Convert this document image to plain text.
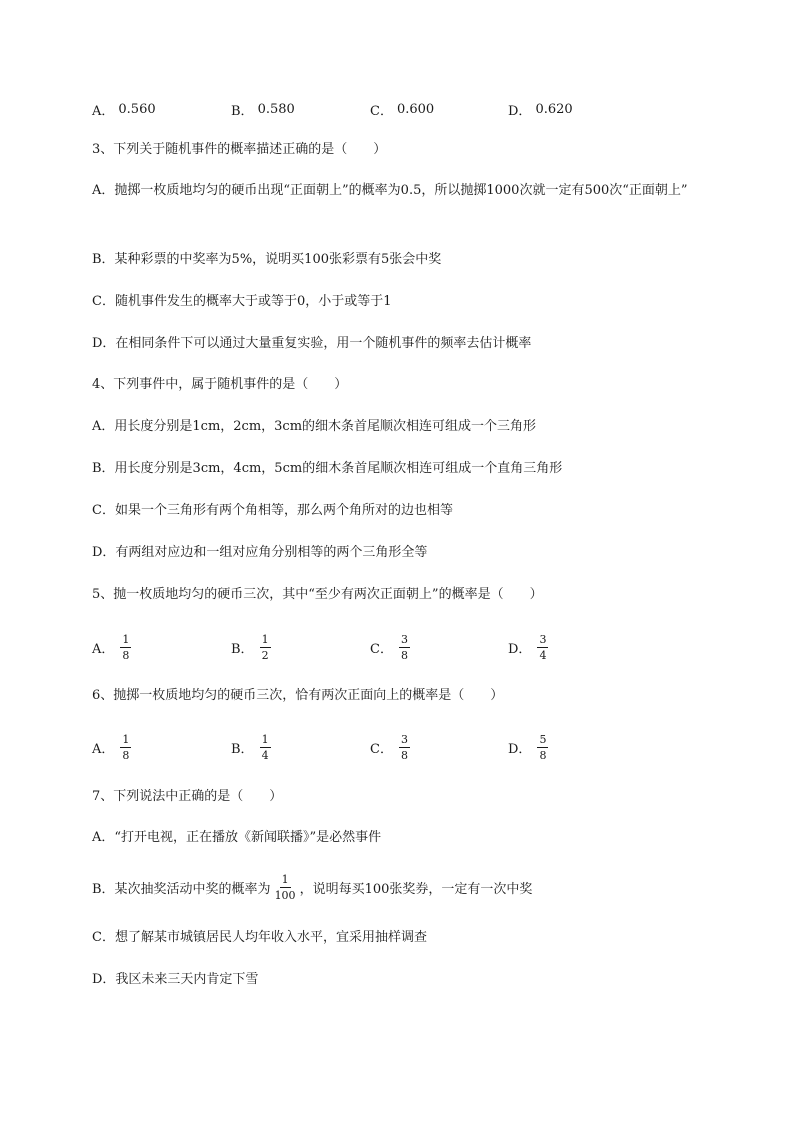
A． 0.560	B． 0.580	C． 0.600	D． 0.620
3、下列关于随机事件的概率描述正确的是（　　）
A．抛掷一枚质地均匀的硬币出现“正面朝上”的概率为0.5，所以抛掷1000次就一定有500次“正面朝上”
B．某种彩票的中奖率为5%，说明买100张彩票有5张会中奖
C．随机事件发生的概率大于或等于0，小于或等于1
D．在相同条件下可以通过大量重复实验，用一个随机事件的频率去估计概率
4、下列事件中，属于随机事件的是（　　）
A．用长度分别是1cm，2cm，3cm的细木条首尾顺次相连可组成一个三角形
B．用长度分别是3cm，4cm，5cm的细木条首尾顺次相连可组成一个直角三角形
C．如果一个三角形有两个角相等，那么两个角所对的边也相等
D．有两组对应边和一组对应角分别相等的两个三角形全等
5、抛一枚质地均匀的硬币三次，其中“至少有两次正面朝上”的概率是（　　）
A． $\frac{1}{8}$	B． $\frac{1}{2}$	C． $\frac{3}{8}$	D． $\frac{3}{4}$
6、抛掷一枚质地均匀的硬币三次，恰有两次正面向上的概率是（　　）
A． $\frac{1}{8}$	B． $\frac{1}{4}$	C． $\frac{3}{8}$	D． $\frac{5}{8}$
7、下列说法中正确的是（　　）
A．“打开电视，正在播放《新闻联播》”是必然事件
B．某次抽奖活动中奖的概率为 $\frac{1}{100}$ ，说明每买100张奖券，一定有一次中奖
C．想了解某市城镇居民人均年收入水平，宜采用抽样调查
D．我区未来三天内肯定下雪
